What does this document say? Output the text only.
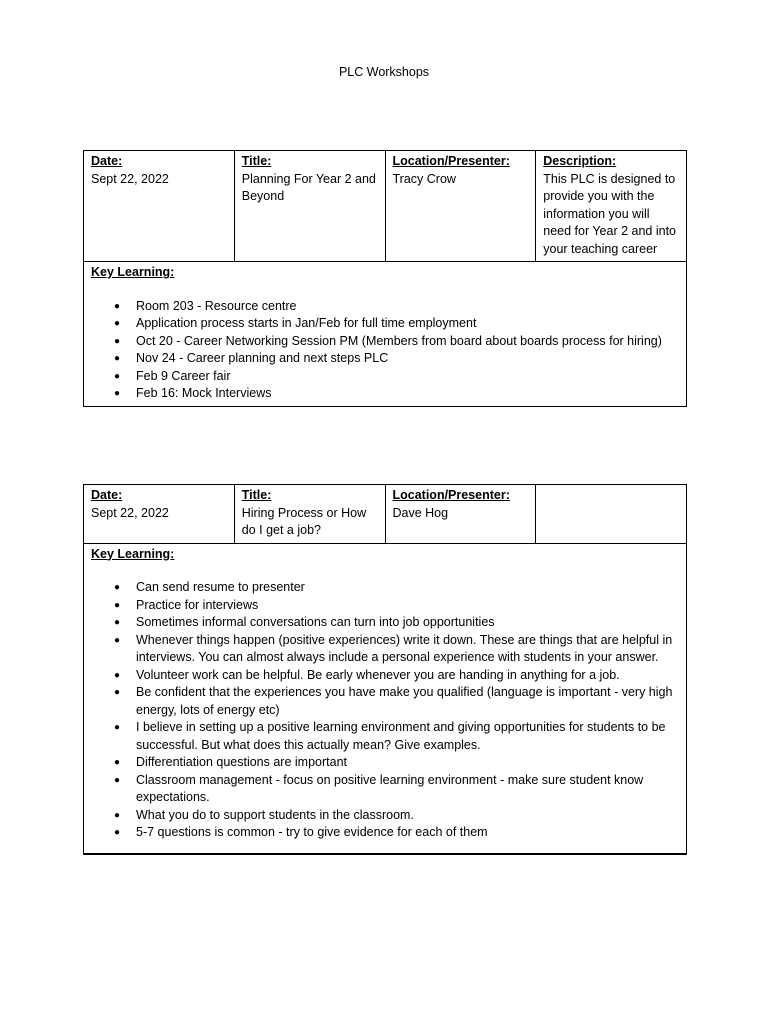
PLC Workshops
Date:
Sept 22, 2022

Title:
Planning For Year 2 and Beyond

Location/Presenter:
Tracy Crow

Description:
This PLC is designed to provide you with the information you will need for Year 2 and into your teaching career

Key Learning:
● Room 203 - Resource centre
● Application process starts in Jan/Feb for full time employment
● Oct 20 - Career Networking Session PM (Members from board about boards process for hiring)
● Nov 24 - Career planning and next steps PLC
● Feb 9 Career fair
● Feb 16: Mock Interviews
Date:
Sept 22, 2022

Title:
Hiring Process or How do I get a job?

Location/Presenter:
Dave Hog

Key Learning:
● Can send resume to presenter
● Practice for interviews
● Sometimes informal conversations can turn into job opportunities
● Whenever things happen (positive experiences) write it down. These are things that are helpful in interviews. You can almost always include a personal experience with students in your answer.
● Volunteer work can be helpful. Be early whenever you are handing in anything for a job.
● Be confident that the experiences you have make you qualified (language is important - very high energy, lots of energy etc)
● I believe in setting up a positive learning environment and giving opportunities for students to be successful. But what does this actually mean? Give examples.
● Differentiation questions are important
● Classroom management - focus on positive learning environment - make sure student know expectations.
● What you do to support students in the classroom.
● 5-7 questions is common - try to give evidence for each of them
